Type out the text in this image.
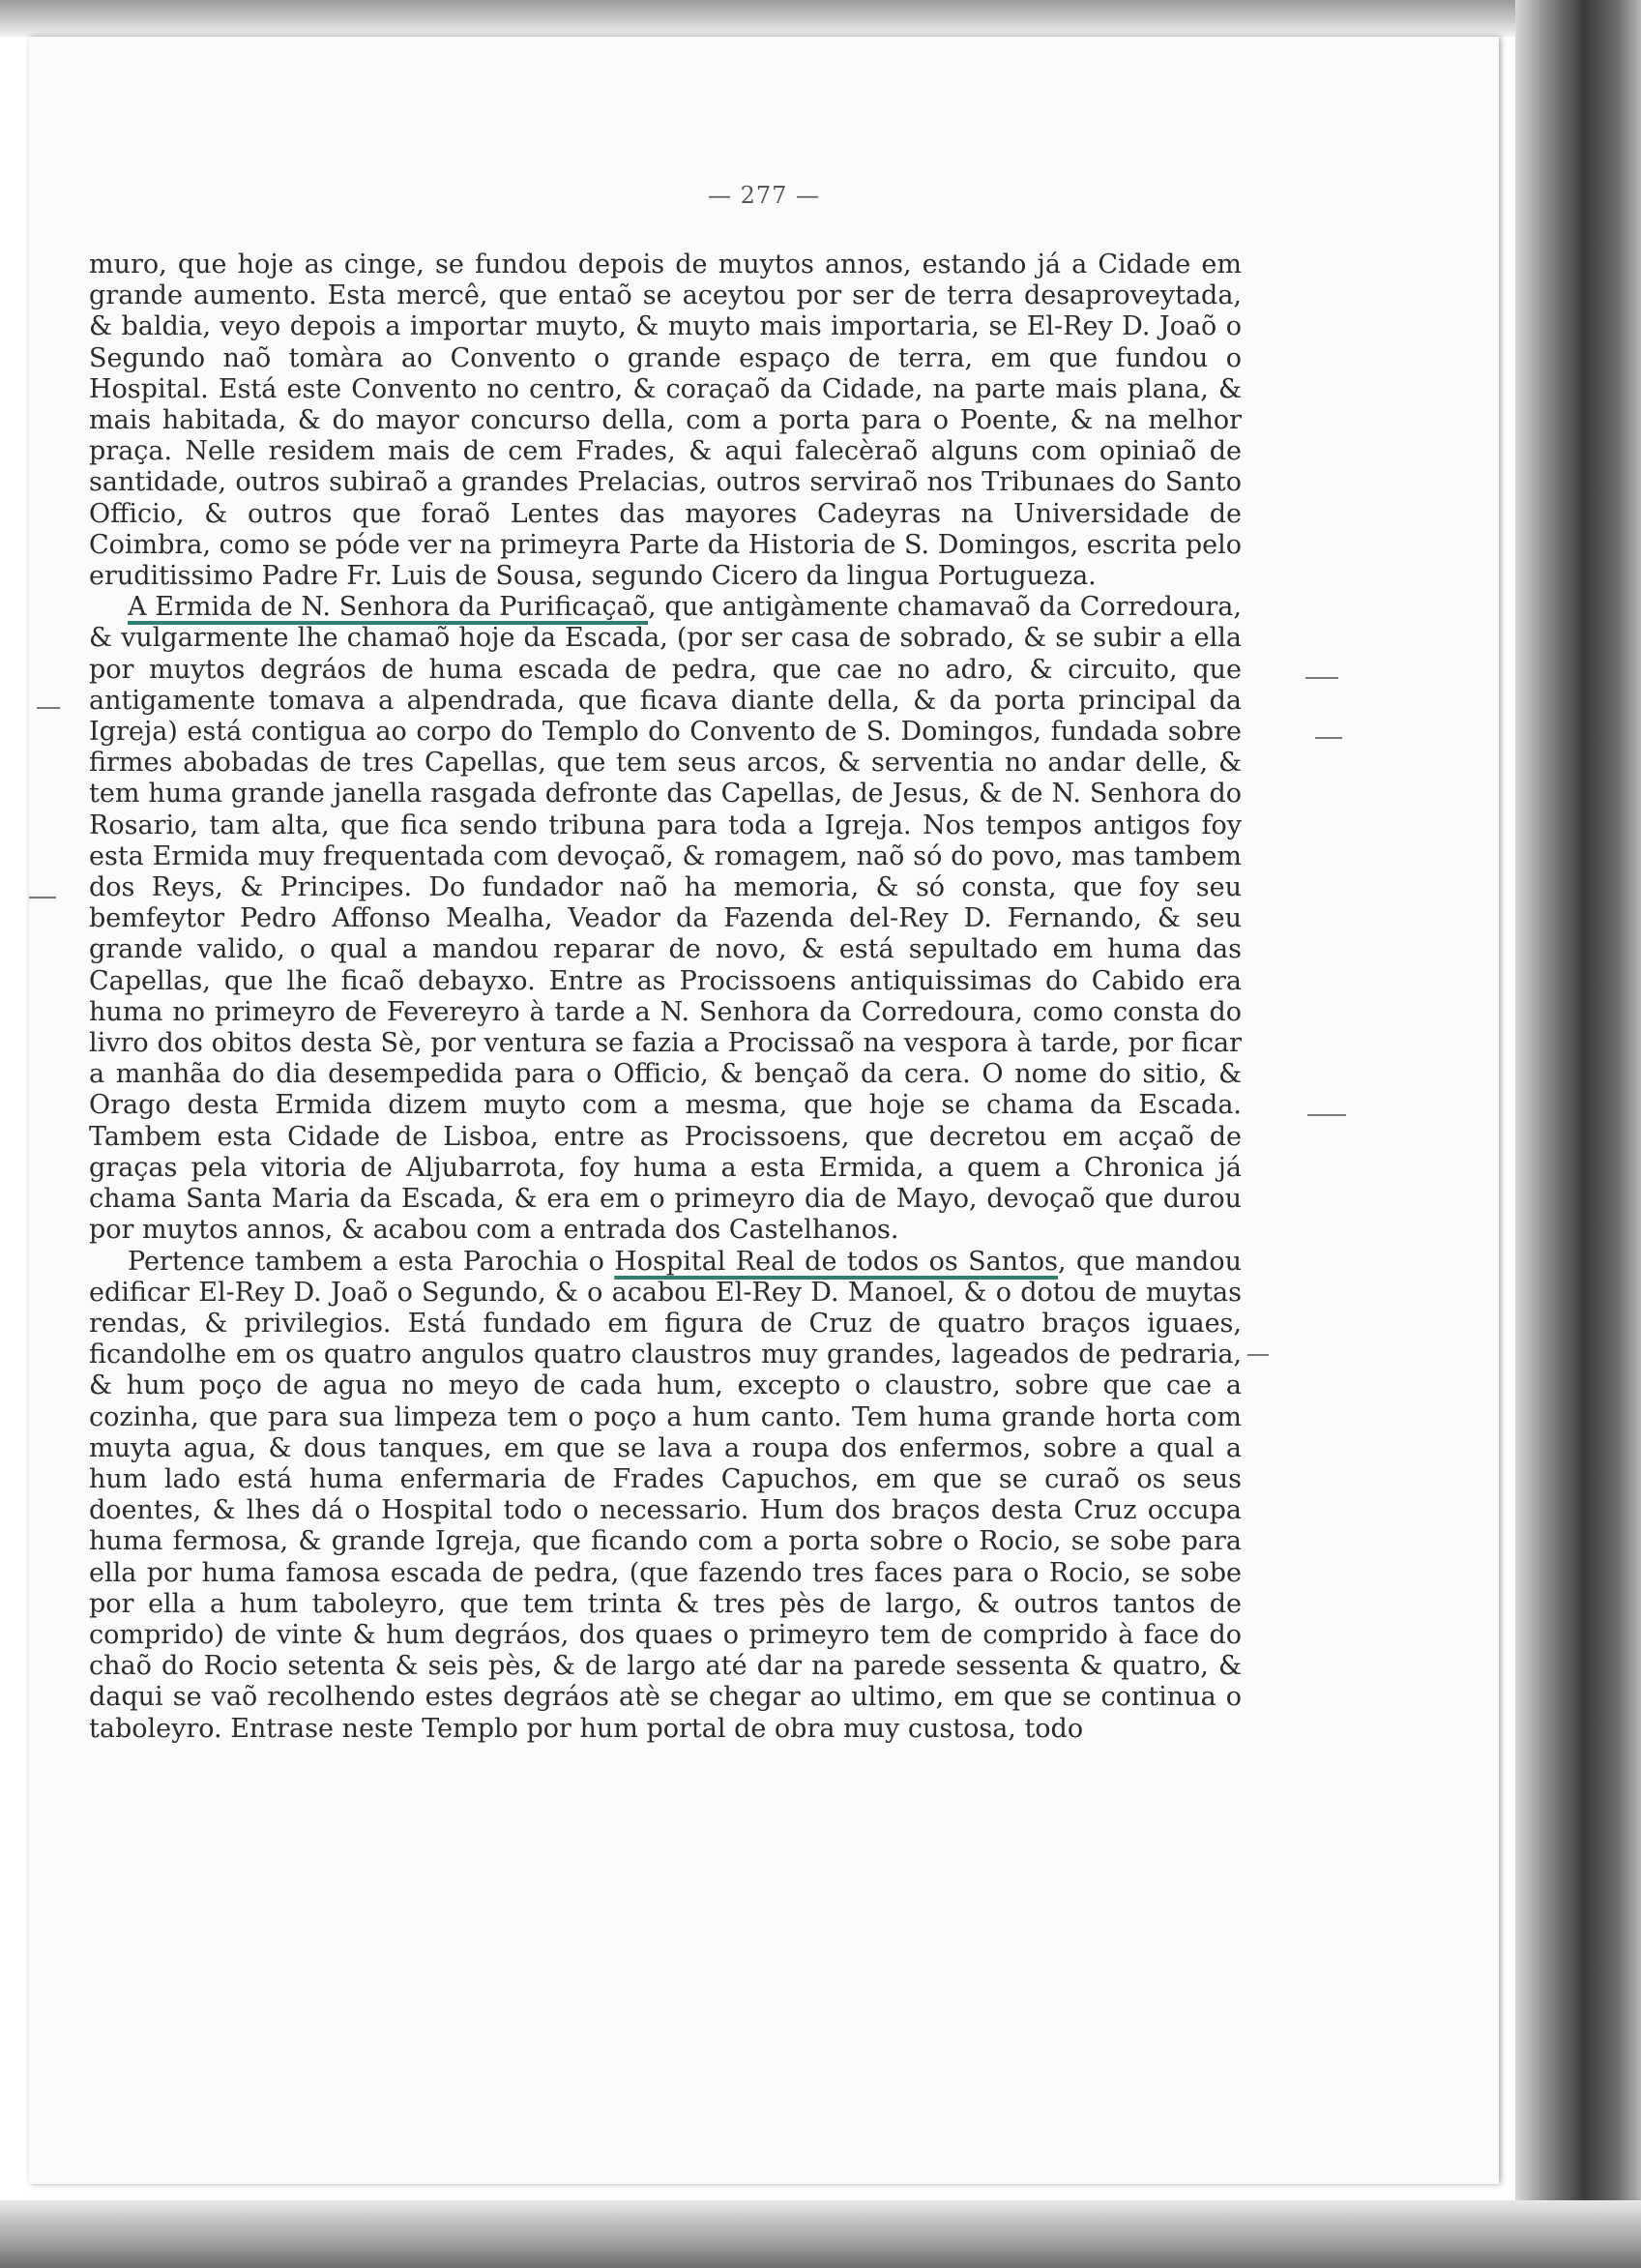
— 277 —

muro, que hoje as cinge, se fundou depois de muytos annos, estando já a Cidade em grande aumento. Esta mercê, que entaõ se aceytou por ser de terra desaproveytada, & baldia, veyo depois a importar muyto, & muyto mais importaria, se El-Rey D. Joaõ o Segundo naõ tomàra ao Convento o grande espaço de terra, em que fundou o Hospital. Está este Convento no centro, & coraçaõ da Cidade, na parte mais plana, & mais habitada, & do mayor concurso della, com a porta para o Poente, & na melhor praça. Nelle residem mais de cem Frades, & aqui falecèraõ alguns com opiniaõ de santidade, outros subiraõ a grandes Prelacias, outros serviraõ nos Tribunaes do Santo Officio, & outros que foraõ Lentes das mayores Cadeyras na Universidade de Coimbra, como se póde ver na primeyra Parte da Historia de S. Domingos, escrita pelo eruditissimo Padre Fr. Luis de Sousa, segundo Cicero da lingua Portugueza.

A Ermida de N. Senhora da Purificaçaõ, que antigàmente chamavaõ da Corredoura, & vulgarmente lhe chamaõ hoje da Escada, (por ser casa de sobrado, & se subir a ella por muytos degráos de huma escada de pedra, que cae no adro, & circuito, que antigamente tomava a alpendrada, que ficava diante della, & da porta principal da Igreja) está contigua ao corpo do Templo do Convento de S. Domingos, fundada sobre firmes abobadas de tres Capellas, que tem seus arcos, & serventia no andar delle, & tem huma grande janella rasgada defronte das Capellas, de Jesus, & de N. Senhora do Rosario, tam alta, que fica sendo tribuna para toda a Igreja. Nos tempos antigos foy esta Ermida muy frequentada com devoçaõ, & romagem, naõ só do povo, mas tambem dos Reys, & Principes. Do fundador naõ ha memoria, & só consta, que foy seu bemfeytor Pedro Affonso Mealha, Veador da Fazenda del-Rey D. Fernando, & seu grande valido, o qual a mandou reparar de novo, & está sepultado em huma das Capellas, que lhe ficaõ debayxo. Entre as Procissoens antiquissimas do Cabido era huma no primeyro de Fevereyro à tarde a N. Senhora da Corredoura, como consta do livro dos obitos desta Sè, por ventura se fazia a Procissaõ na vespora à tarde, por ficar a manhãa do dia desempedida para o Officio, & bençaõ da cera. O nome do sitio, & Orago desta Ermida dizem muyto com a mesma, que hoje se chama da Escada. Tambem esta Cidade de Lisboa, entre as Procissoens, que decretou em acçaõ de graças pela vitoria de Aljubarrota, foy huma a esta Ermida, a quem a Chronica já chama Santa Maria da Escada, & era em o primeyro dia de Mayo, devoçaõ que durou por muytos annos, & acabou com a entrada dos Castelhanos.

Pertence tambem a esta Parochia o Hospital Real de todos os Santos, que mandou edificar El-Rey D. Joaõ o Segundo, & o acabou El-Rey D. Manoel, & o dotou de muytas rendas, & privilegios. Está fundado em figura de Cruz de quatro braços iguaes, ficandolhe em os quatro angulos quatro claustros muy grandes, lageados de pedraria, & hum poço de agua no meyo de cada hum, excepto o claustro, sobre que cae a cozinha, que para sua limpeza tem o poço a hum canto. Tem huma grande horta com muyta agua, & dous tanques, em que se lava a roupa dos enfermos, sobre a qual a hum lado está huma enfermaria de Frades Capuchos, em que se curaõ os seus doentes, & lhes dá o Hospital todo o necessario. Hum dos braços desta Cruz occupa huma fermosa, & grande Igreja, que ficando com a porta sobre o Rocio, se sobe para ella por huma famosa escada de pedra, (que fazendo tres faces para o Rocio, se sobe por ella a hum taboleyro, que tem trinta & tres pès de largo, & outros tantos de comprido) de vinte & hum degráos, dos quaes o primeyro tem de comprido à face do chaõ do Rocio setenta & seis pès, & de largo até dar na parede sessenta & quatro, & daqui se vaõ recolhendo estes degráos atè se chegar ao ultimo, em que se continua o taboleyro. Entrase neste Templo por hum portal de obra muy custosa, todo
